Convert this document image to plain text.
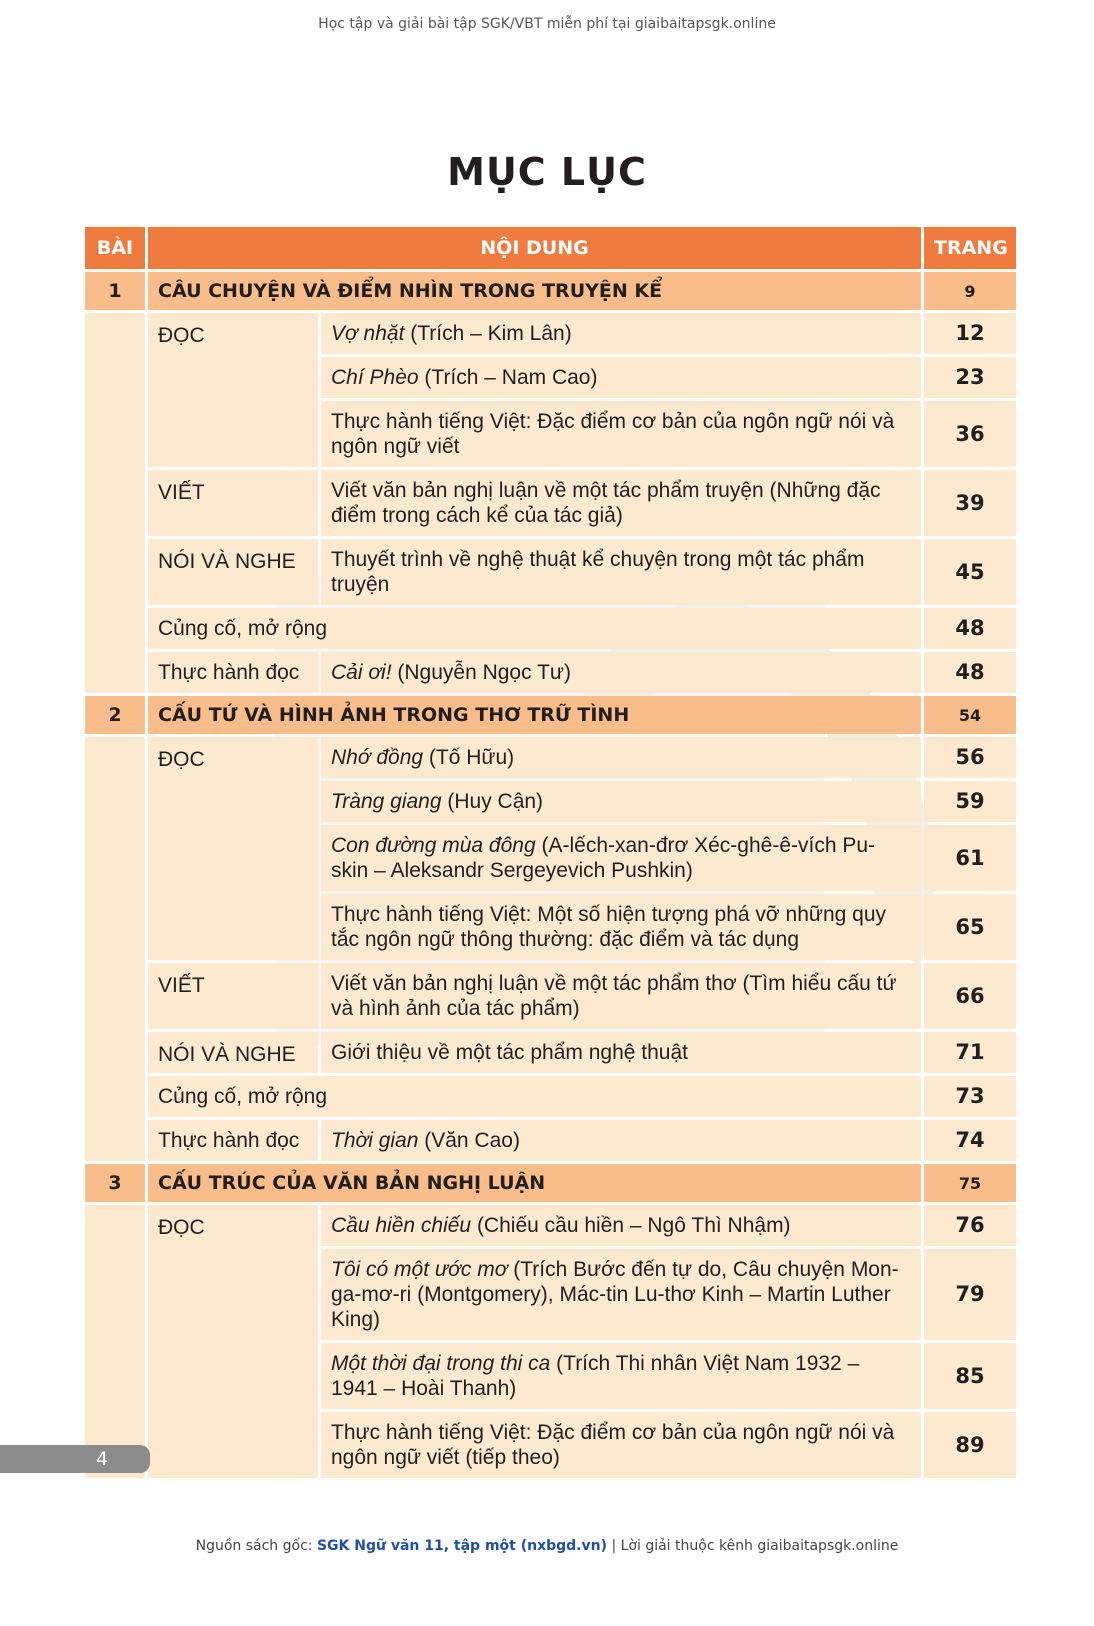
Học tập và giải bài tập SGK/VBT miễn phí tại giaibaitapsgk.online
MỤC LỤC
BÀI	NỘI DUNG		TRANG
1	CÂU CHUYỆN VÀ ĐIỂM NHÌN TRONG TRUYỆN KỂ		9
	ĐỌC	Vợ nhặt (Trích – Kim Lân)	12
		Chí Phèo (Trích – Nam Cao)	23
		Thực hành tiếng Việt: Đặc điểm cơ bản của ngôn ngữ nói và ngôn ngữ viết	36
	VIẾT	Viết văn bản nghị luận về một tác phẩm truyện (Những đặc điểm trong cách kể của tác giả)	39
	NÓI VÀ NGHE	Thuyết trình về nghệ thuật kể chuyện trong một tác phẩm truyện	45
	Củng cố, mở rộng		48
	Thực hành đọc	Cải ơi! (Nguyễn Ngọc Tư)	48
2	CẤU TỨ VÀ HÌNH ẢNH TRONG THƠ TRỮ TÌNH		54
	ĐỌC	Nhớ đồng (Tố Hữu)	56
		Tràng giang (Huy Cận)	59
		Con đường mùa đông (A-lếch-xan-đrơ Xéc-ghê-ê-vích Pu-skin – Aleksandr Sergeyevich Pushkin)	61
		Thực hành tiếng Việt: Một số hiện tượng phá vỡ những quy tắc ngôn ngữ thông thường: đặc điểm và tác dụng	65
	VIẾT	Viết văn bản nghị luận về một tác phẩm thơ (Tìm hiểu cấu tứ và hình ảnh của tác phẩm)	66
	NÓI VÀ NGHE	Giới thiệu về một tác phẩm nghệ thuật	71
	Củng cố, mở rộng		73
	Thực hành đọc	Thời gian (Văn Cao)	74
3	CẤU TRÚC CỦA VĂN BẢN NGHỊ LUẬN		75
	ĐỌC	Cầu hiền chiếu (Chiếu cầu hiền – Ngô Thì Nhậm)	76
		Tôi có một ước mơ (Trích Bước đến tự do, Câu chuyện Mon-ga-mơ-ri (Montgomery), Mác-tin Lu-thơ Kinh – Martin Luther King)	79
		Một thời đại trong thi ca (Trích Thi nhân Việt Nam 1932 – 1941 – Hoài Thanh)	85
		Thực hành tiếng Việt: Đặc điểm cơ bản của ngôn ngữ nói và ngôn ngữ viết (tiếp theo)	89
4
Nguồn sách gốc: SGK Ngữ văn 11, tập một (nxbgd.vn) | Lời giải thuộc kênh giaibaitapsgk.online
